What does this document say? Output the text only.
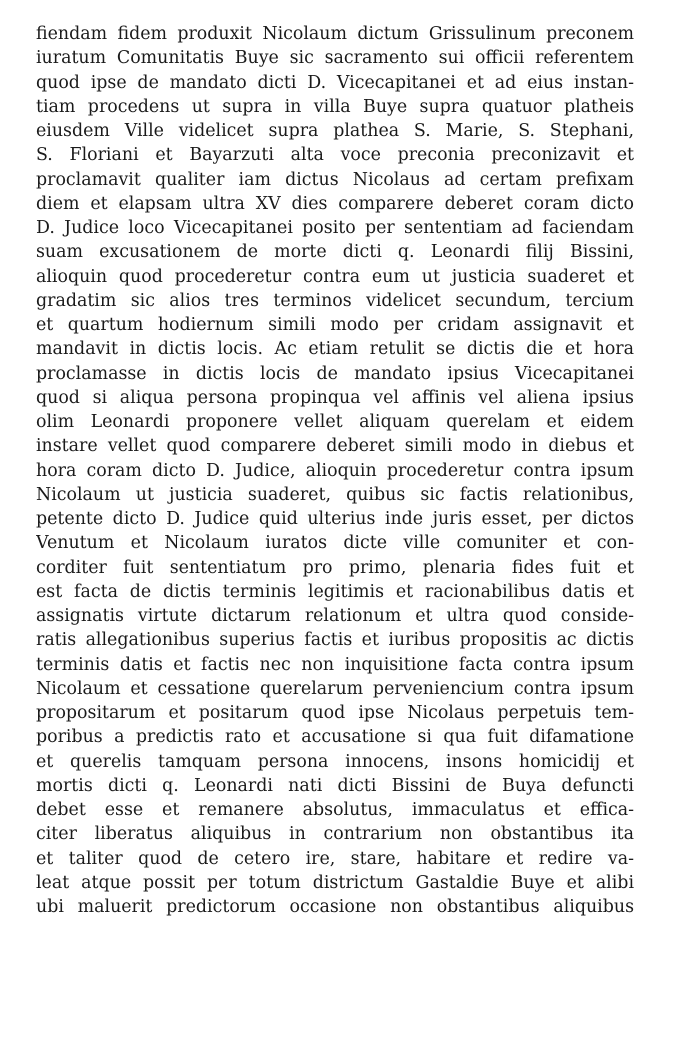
fiendam fidem produxit Nicolaum dictum Grissulinum preconem
iuratum Comunitatis Buye sic sacramento sui officii referentem
quod ipse de mandato dicti D. Vicecapitanei et ad eius instan-
tiam procedens ut supra in villa Buye supra quatuor platheis
eiusdem Ville videlicet supra plathea S. Marie, S. Stephani,
S. Floriani et Bayarzuti alta voce preconia preconizavit et
proclamavit qualiter iam dictus Nicolaus ad certam prefixam
diem et elapsam ultra XV dies comparere deberet coram dicto
D. Judice loco Vicecapitanei posito per sententiam ad faciendam
suam excusationem de morte dicti q. Leonardi filij Bissini,
alioquin quod procederetur contra eum ut justicia suaderet et
gradatim sic alios tres terminos videlicet secundum, tercium
et quartum hodiernum simili modo per cridam assignavit et
mandavit in dictis locis. Ac etiam retulit se dictis die et hora
proclamasse in dictis locis de mandato ipsius Vicecapitanei
quod si aliqua persona propinqua vel affinis vel aliena ipsius
olim Leonardi proponere vellet aliquam querelam et eidem
instare vellet quod comparere deberet simili modo in diebus et
hora coram dicto D. Judice, alioquin procederetur contra ipsum
Nicolaum ut justicia suaderet, quibus sic factis relationibus,
petente dicto D. Judice quid ulterius inde juris esset, per dictos
Venutum et Nicolaum iuratos dicte ville comuniter et con-
corditer fuit sententiatum pro primo, plenaria fides fuit et
est facta de dictis terminis legitimis et racionabilibus datis et
assignatis virtute dictarum relationum et ultra quod conside-
ratis allegationibus superius factis et iuribus propositis ac dictis
terminis datis et factis nec non inquisitione facta contra ipsum
Nicolaum et cessatione querelarum perveniencium contra ipsum
propositarum et positarum quod ipse Nicolaus perpetuis tem-
poribus a predictis rato et accusatione si qua fuit difamatione
et querelis tamquam persona innocens, insons homicidij et
mortis dicti q. Leonardi nati dicti Bissini de Buya defuncti
debet esse et remanere absolutus, immaculatus et effica-
citer liberatus aliquibus in contrarium non obstantibus ita
et taliter quod de cetero ire, stare, habitare et redire va-
leat atque possit per totum districtum Gastaldie Buye et alibi
ubi maluerit predictorum occasione non obstantibus aliquibus
